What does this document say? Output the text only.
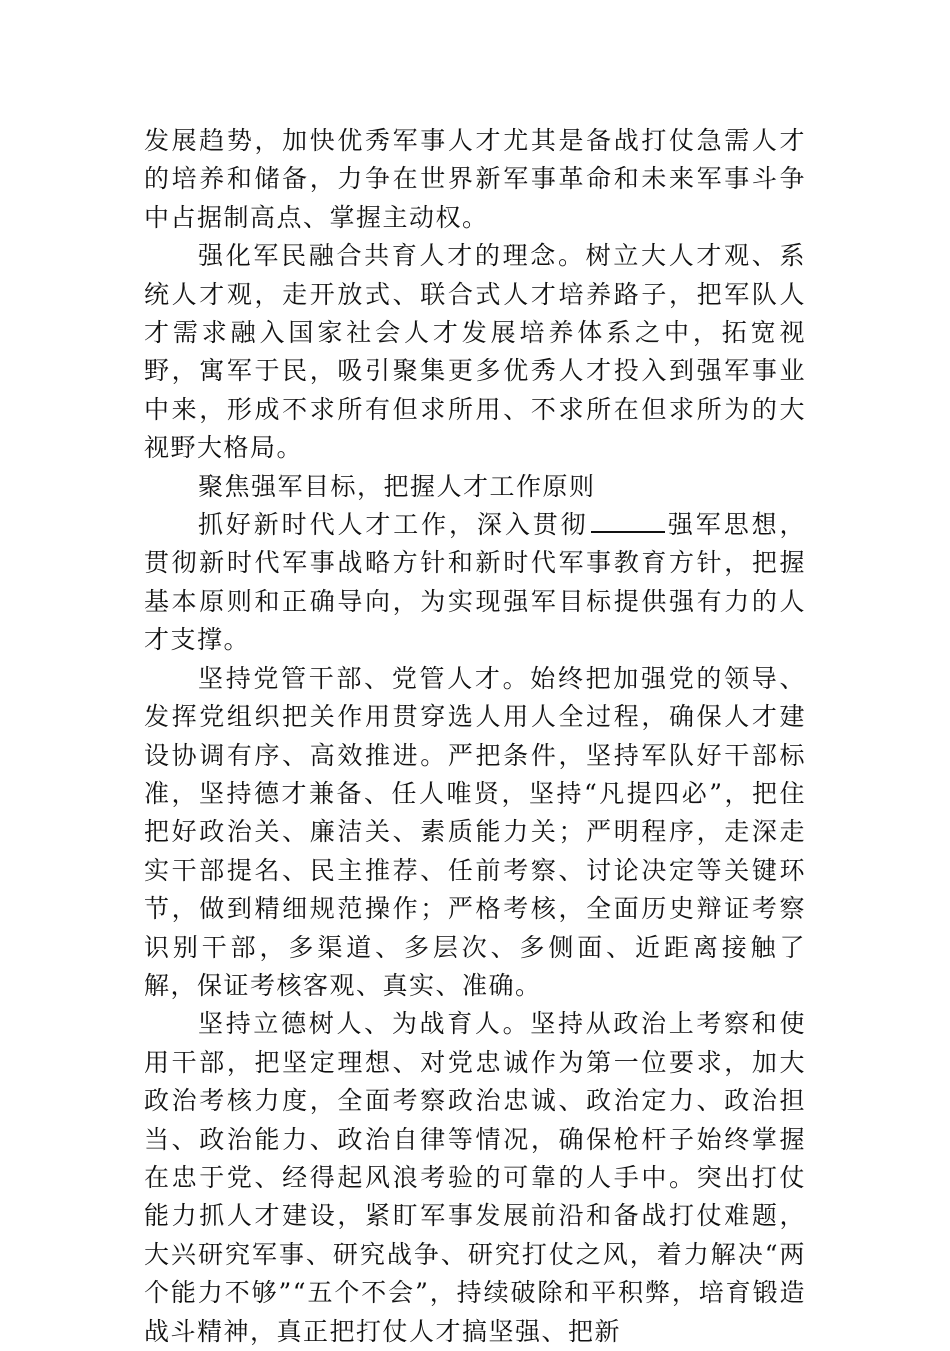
发展趋势，加快优秀军事人才尤其是备战打仗急需人才的培养和储备，力争在世界新军事革命和未来军事斗争中占据制高点、掌握主动权。

强化军民融合共育人才的理念。树立大人才观、系统人才观，走开放式、联合式人才培养路子，把军队人才需求融入国家社会人才发展培养体系之中，拓宽视野，寓军于民，吸引聚集更多优秀人才投入到强军事业中来，形成不求所有但求所用、不求所在但求所为的大视野大格局。

聚焦强军目标，把握人才工作原则

抓好新时代人才工作，深入贯彻	强军思想，贯彻新时代军事战略方针和新时代军事教育方针，把握基本原则和正确导向，为实现强军目标提供强有力的人才支撑。

坚持党管干部、党管人才。始终把加强党的领导、发挥党组织把关作用贯穿选人用人全过程，确保人才建设协调有序、高效推进。严把条件，坚持军队好干部标准，坚持德才兼备、任人唯贤，坚持“凡提四必”，把住把好政治关、廉洁关、素质能力关；严明程序，走深走实干部提名、民主推荐、任前考察、讨论决定等关键环节，做到精细规范操作；严格考核，全面历史辩证考察识别干部，多渠道、多层次、多侧面、近距离接触了解，保证考核客观、真实、准确。

坚持立德树人、为战育人。坚持从政治上考察和使用干部，把坚定理想、对党忠诚作为第一位要求，加大政治考核力度，全面考察政治忠诚、政治定力、政治担当、政治能力、政治自律等情况，确保枪杆子始终掌握在忠于党、经得起风浪考验的可靠的人手中。突出打仗能力抓人才建设，紧盯军事发展前沿和备战打仗难题，大兴研究军事、研究战争、研究打仗之风，着力解决“两个能力不够”“五个不会”，持续破除和平积弊，培育锻造战斗精神，真正把打仗人才搞坚强、把新
